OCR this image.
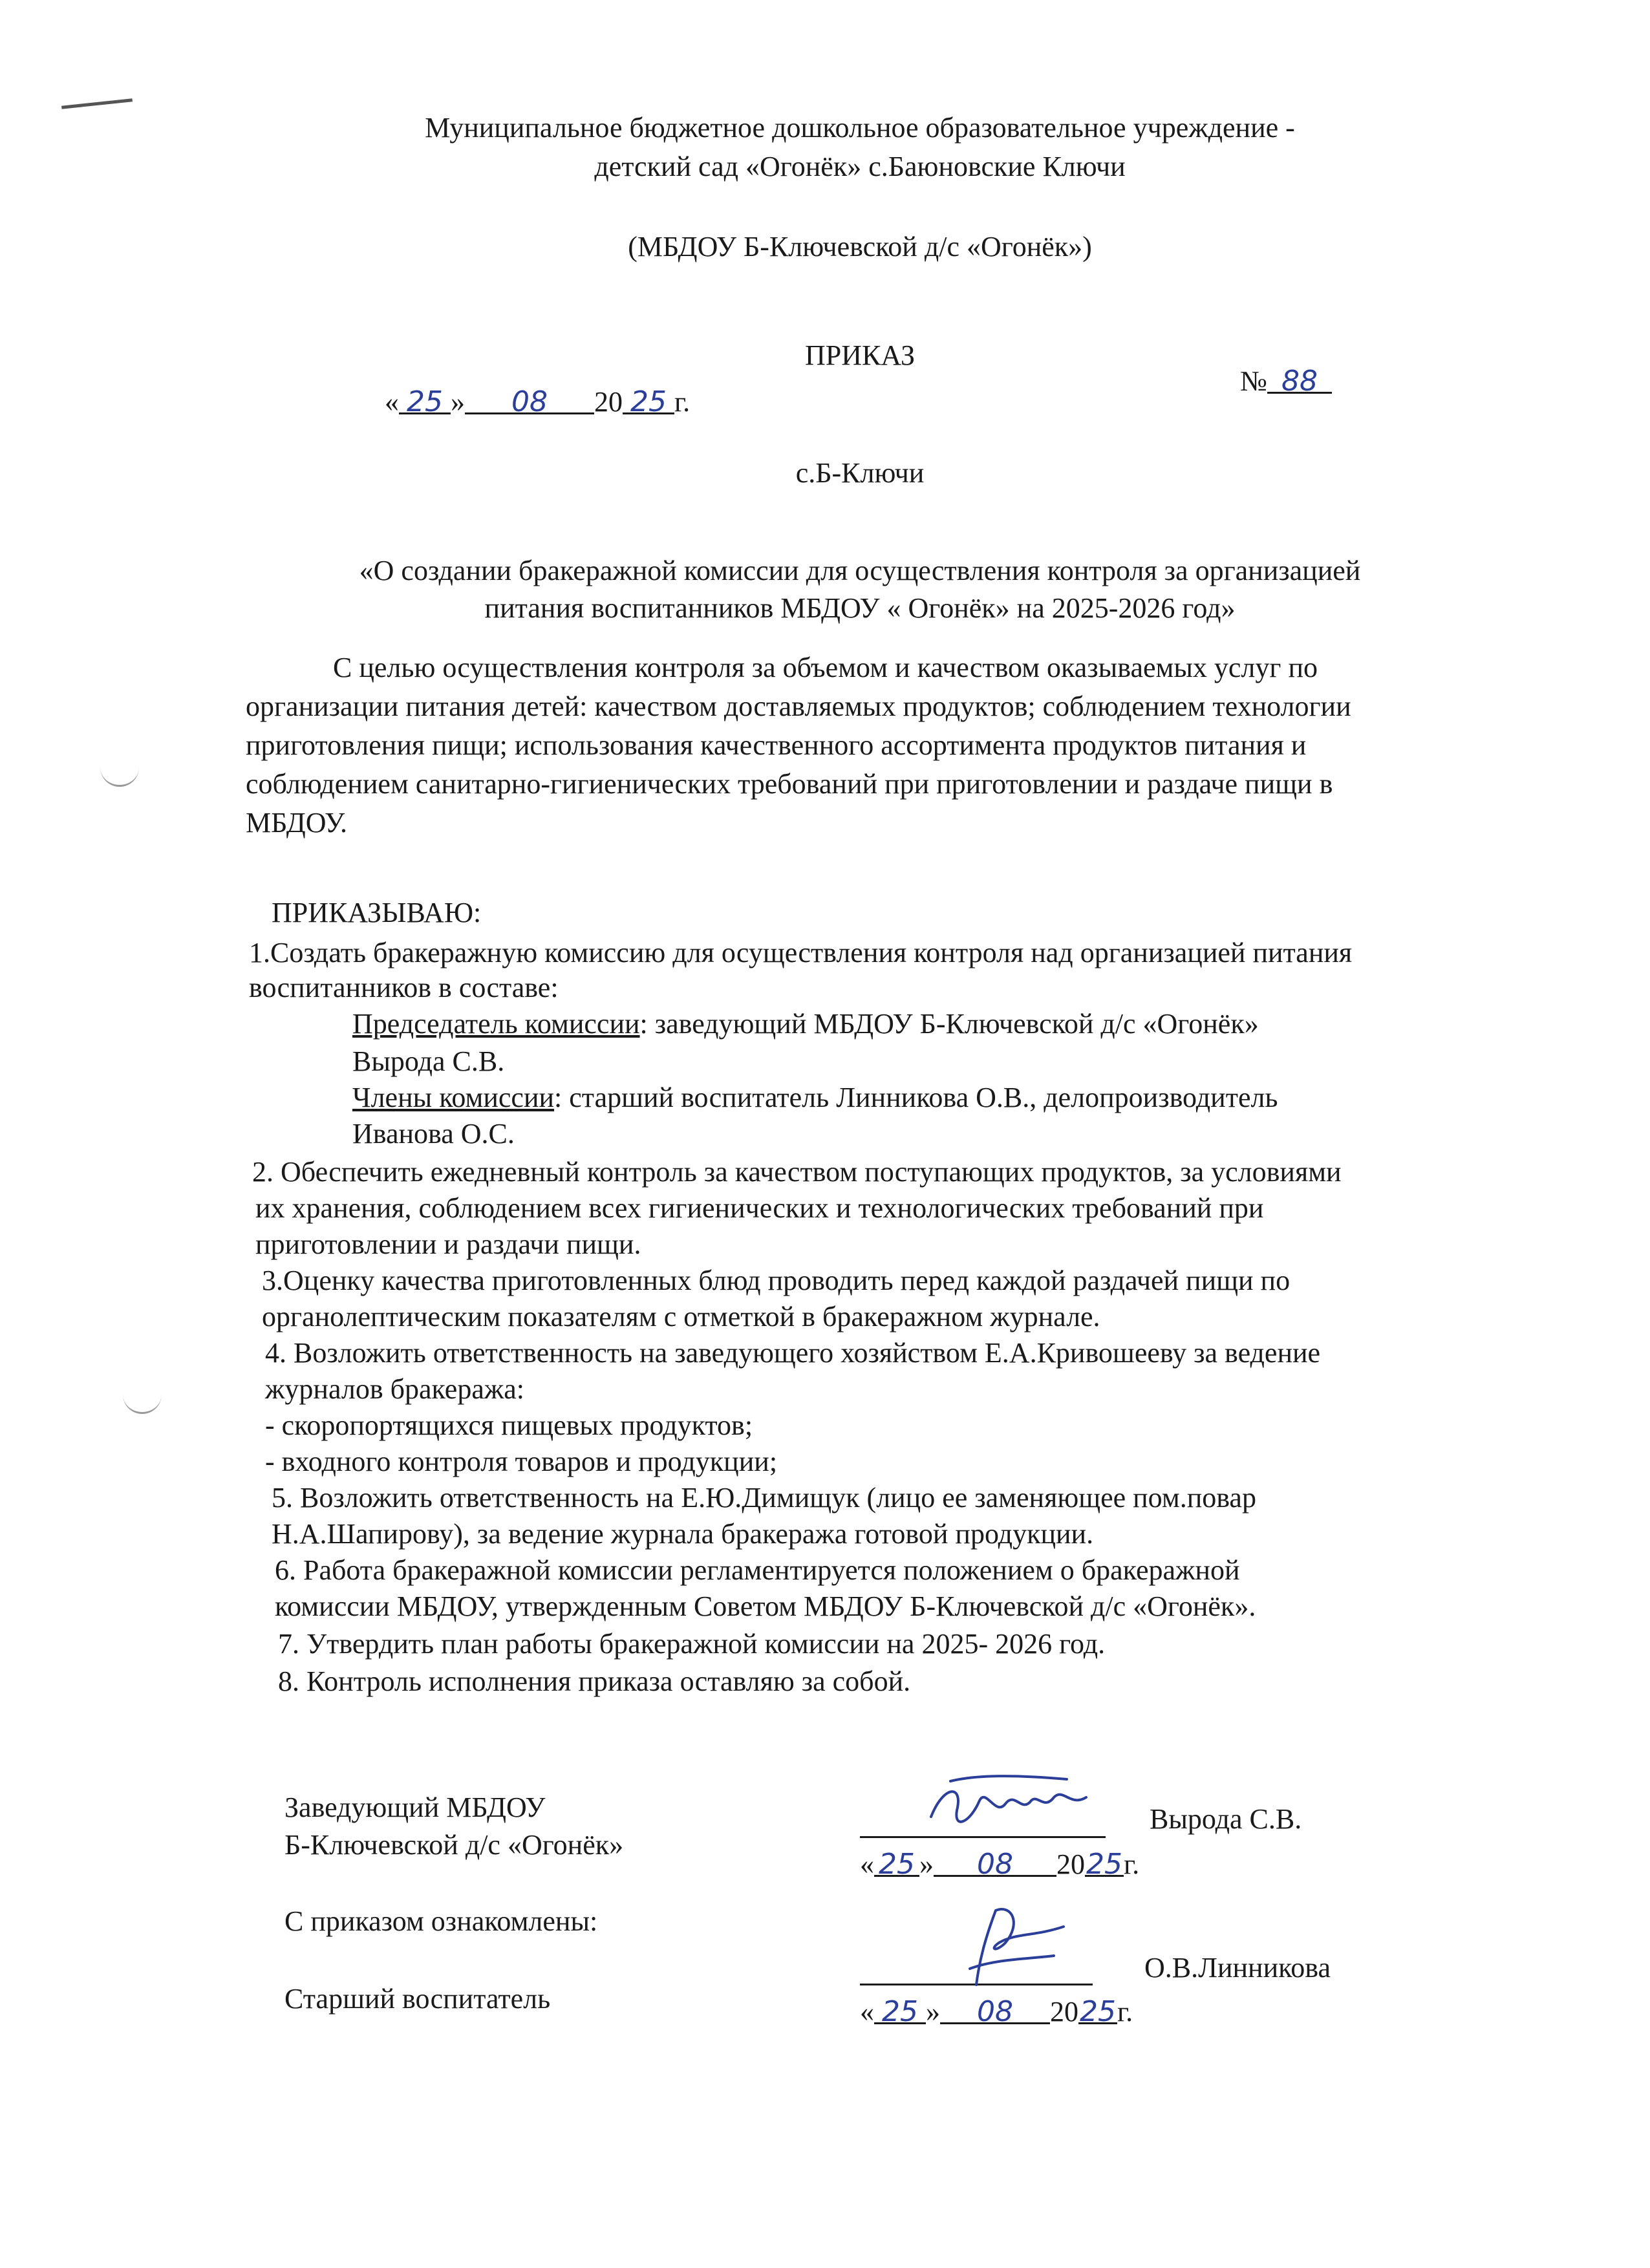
Муниципальное бюджетное дошкольное образовательное учреждение -
детский сад «Огонёк» с.Баюновские Ключи
(МБДОУ Б-Ключевской д/с «Огонёк»)
ПРИКАЗ
« 25 » 08 20 25 г.
№ 88
с.Б-Ключи
«О создании бракеражной комиссии для осуществления контроля за организацией
питания воспитанников МБДОУ « Огонёк» на 2025-2026 год»
С целью осуществления контроля за объемом и качеством оказываемых услуг по
организации питания детей: качеством доставляемых продуктов; соблюдением технологии
приготовления пищи; использования качественного ассортимента продуктов питания и
соблюдением санитарно-гигиенических требований при приготовлении и раздаче пищи в
МБДОУ.
ПРИКАЗЫВАЮ:
1.Создать бракеражную комиссию для осуществления контроля над организацией питания
воспитанников в составе:
Председатель комиссии: заведующий МБДОУ Б-Ключевской д/с «Огонёк»
Вырода С.В.
Члены комиссии: старший воспитатель Линникова О.В., делопроизводитель
Иванова О.С.
2. Обеспечить ежедневный контроль за качеством поступающих продуктов, за условиями
их хранения, соблюдением всех гигиенических и технологических требований при
приготовлении и раздачи пищи.
3.Оценку качества приготовленных блюд проводить перед каждой раздачей пищи по
органолептическим показателям с отметкой в бракеражном журнале.
4. Возложить ответственность на заведующего хозяйством Е.А.Кривошееву за ведение
журналов бракеража:
- скоропортящихся пищевых продуктов;
- входного контроля товаров и продукции;
5. Возложить ответственность на Е.Ю.Димищук (лицо ее заменяющее пом.повар
Н.А.Шапирову), за ведение журнала бракеража готовой продукции.
6. Работа бракеражной комиссии регламентируется положением о бракеражной
комиссии МБДОУ, утвержденным Советом МБДОУ Б-Ключевской д/с «Огонёк».
7. Утвердить план работы бракеражной комиссии на 2025- 2026 год.
8. Контроль исполнения приказа оставляю за собой.
Заведующий МБДОУ
Б-Ключевской д/с «Огонёк»
Вырода С.В.
« 25 » 08 2025г.
С приказом ознакомлены:
Старший воспитатель
О.В.Линникова
« 25 » 08 2025г.
